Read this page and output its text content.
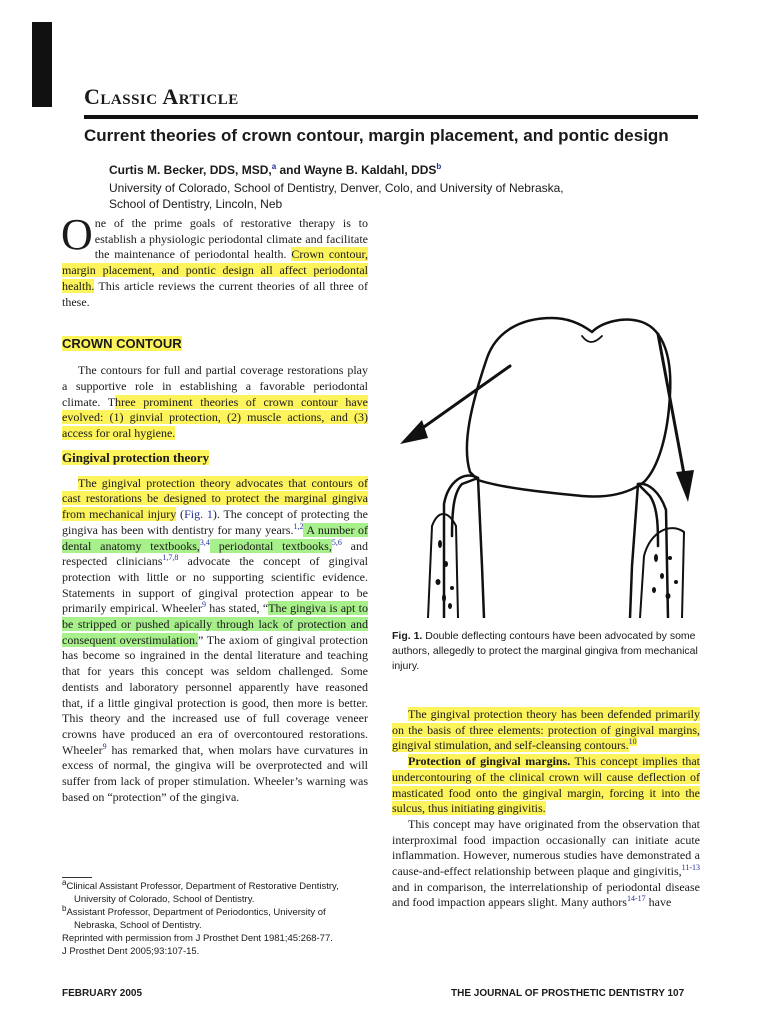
Classic Article
Current theories of crown contour, margin placement, and pontic design
Curtis M. Becker, DDS, MSD,$^a$ and Wayne B. Kaldahl, DDS$^b$
University of Colorado, School of Dentistry, Denver, Colo, and University of Nebraska,
School of Dentistry, Lincoln, Neb

One of the prime goals of restorative therapy is to establish a physiologic periodontal climate and facilitate the maintenance of periodontal health. Crown contour, margin placement, and pontic design all affect periodontal health. This article reviews the current theories of all three of these.

CROWN CONTOUR

The contours for full and partial coverage restorations play a supportive role in establishing a favorable periodontal climate. Three prominent theories of crown contour have evolved: (1) ginvial protection, (2) muscle actions, and (3) access for oral hygiene.

Gingival protection theory

The gingival protection theory advocates that contours of cast restorations be designed to protect the marginal gingiva from mechanical injury (Fig. 1). The concept of protecting the gingiva has been with dentistry for many years.$^{1,2}$ A number of dental anatomy textbooks,$^{3,4}$ periodontal textbooks,$^{5,6}$ and respected clinicians$^{1,7,8}$ advocate the concept of gingival protection with little or no supporting scientific evidence. Statements in support of gingival protection appear to be primarily empirical. Wheeler$^9$ has stated, “The gingiva is apt to be stripped or pushed apically through lack of protection and consequent overstimulation.” The axiom of gingival protection has become so ingrained in the dental literature and teaching that for years this concept was seldom challenged. Some dentists and laboratory personnel apparently have reasoned that, if a little gingival protection is good, then more is better. This theory and the increased use of full coverage veneer crowns have produced an era of overcontoured restorations. Wheeler$^9$ has remarked that, when molars have curvatures in excess of normal, the gingiva will be overprotected and will suffer from lack of proper stimulation. Wheeler’s warning was based on “protection” of the gingiva.

Fig. 1. Double deflecting contours have been advocated by some authors, allegedly to protect the marginal gingiva from mechanical injury.

The gingival protection theory has been defended primarily on the basis of three elements: protection of gingival margins, gingival stimulation, and self-cleansing contours.$^{10}$

Protection of gingival margins. This concept implies that undercontouring of the clinical crown will cause deflection of masticated food onto the gingival margin, forcing it into the sulcus, thus initiating gingivitis.

This concept may have originated from the observation that interproximal food impaction occasionally can initiate acute inflammation. However, numerous studies have demonstrated a cause-and-effect relationship between plaque and gingivitis,$^{11-13}$ and in comparison, the interrelationship of periodontal disease and food impaction appears slight. Many authors$^{14-17}$ have

$^a$Clinical Assistant Professor, Department of Restorative Dentistry,

University of Colorado, School of Dentistry.

$^b$Assistant Professor, Department of Periodontics, University of

Nebraska, School of Dentistry.

Reprinted with permission from J Prosthet Dent 1981;45:268-77.

J Prosthet Dent 2005;93:107-15.

FEBRUARY 2005	THE JOURNAL OF PROSTHETIC DENTISTRY 107
